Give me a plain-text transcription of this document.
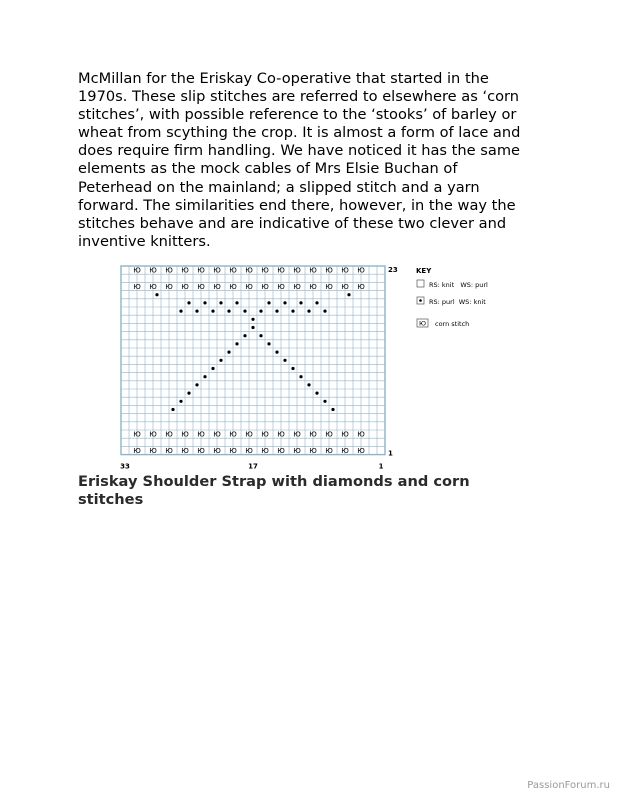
McMillan for the Eriskay Co-operative that started in the
1970s. These slip stitches are referred to elsewhere as ‘corn
stitches’, with possible reference to the ‘stooks’ of barley or
wheat from scything the crop. It is almost a form of lace and
does require firm handling. We have noticed it has the same
elements as the mock cables of Mrs Elsie Buchan of
Peterhead on the mainland; a slipped stitch and a yarn
forward. The similarities end there, however, in the way the
stitches behave and are indicative of these two clever and
inventive knitters.
Ю
Ю
Ю
Ю
Ю
Ю
Ю
Ю
Ю
Ю
Ю
Ю
Ю
Ю
Ю
Ю
Ю
Ю
Ю
Ю
Ю
Ю
Ю
Ю
Ю
Ю
Ю
Ю
Ю
Ю
Ю
Ю
Ю
Ю
Ю
Ю
Ю
Ю
Ю
Ю
Ю
Ю
Ю
Ю
Ю
Ю
Ю
Ю
Ю
Ю
Ю
Ю
Ю
Ю
Ю
Ю
Ю
Ю
Ю
Ю	23
1
33	17	1
KEY
RS: knit   WS: purl
RS: purl  WS: knit
Ю corn stitch
Eriskay Shoulder Strap with diamonds and corn
stitches
PassionForum.ru
